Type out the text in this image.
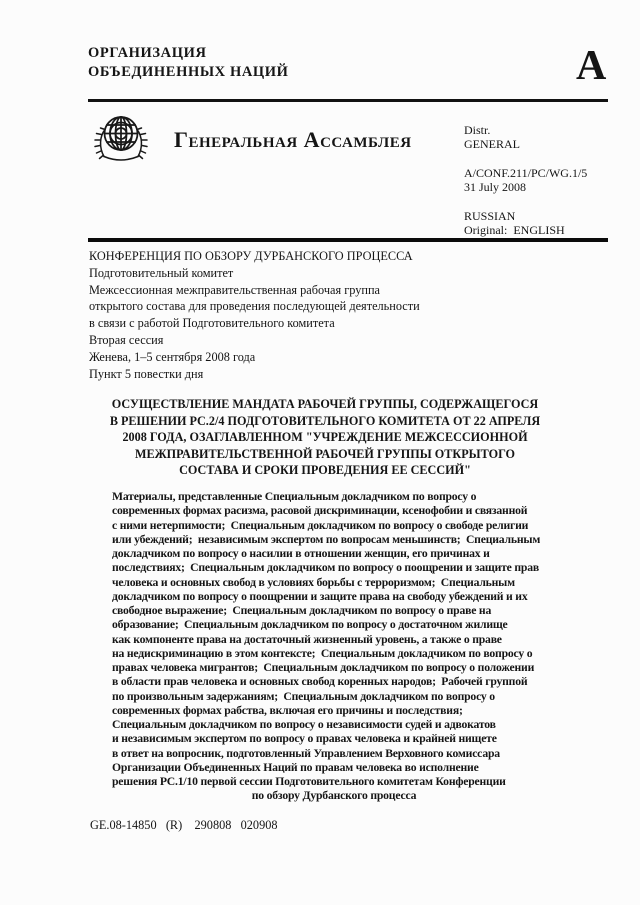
ОРГАНИЗАЦИЯ
ОБЪЕДИНЕННЫХ НАЦИЙ	A
Генеральная Ассамблея	Distr.
GENERAL
A/CONF.211/PC/WG.1/5
31 July 2008
RUSSIAN
Original:  ENGLISH
КОНФЕРЕНЦИЯ ПО ОБЗОРУ ДУРБАНСКОГО ПРОЦЕССА
Подготовительный комитет
Межсессионная межправительственная рабочая группа
открытого состава для проведения последующей деятельности
в связи с работой Подготовительного комитета
Вторая сессия
Женева, 1–5 сентября 2008 года
Пункт 5 повестки дня
ОСУЩЕСТВЛЕНИЕ МАНДАТА РАБОЧЕЙ ГРУППЫ, СОДЕРЖАЩЕГОСЯ
В РЕШЕНИИ PC.2/4 ПОДГОТОВИТЕЛЬНОГО КОМИТЕТА ОТ 22 АПРЕЛЯ
2008 ГОДА, ОЗАГЛАВЛЕННОМ "УЧРЕЖДЕНИЕ МЕЖСЕССИОННОЙ
МЕЖПРАВИТЕЛЬСТВЕННОЙ РАБОЧЕЙ ГРУППЫ ОТКРЫТОГО
СОСТАВА И СРОКИ ПРОВЕДЕНИЯ ЕЕ СЕССИЙ"
Материалы, представленные Специальным докладчиком по вопросу о
современных формах расизма, расовой дискриминации, ксенофобии и связанной
с ними нетерпимости;  Специальным докладчиком по вопросу о свободе религии
или убеждений;  независимым экспертом по вопросам меньшинств;  Специальным
докладчиком по вопросу о насилии в отношении женщин, его причинах и
последствиях;  Специальным докладчиком по вопросу о поощрении и защите прав
человека и основных свобод в условиях борьбы с терроризмом;  Специальным
докладчиком по вопросу о поощрении и защите права на свободу убеждений и их
свободное выражение;  Специальным докладчиком по вопросу о праве на
образование;  Специальным докладчиком по вопросу о достаточном жилище
как компоненте права на достаточный жизненный уровень, а также о праве
на недискриминацию в этом контексте;  Специальным докладчиком по вопросу о
правах человека мигрантов;  Специальным докладчиком по вопросу о положении
в области прав человека и основных свобод коренных народов;  Рабочей группой
по произвольным задержаниям;  Специальным докладчиком по вопросу о
современных формах рабства, включая его причины и последствия;
Специальным докладчиком по вопросу о независимости судей и адвокатов
и независимым экспертом по вопросу о правах человека и крайней нищете
в ответ на вопросник, подготовленный Управлением Верховного комиссара
Организации Объединенных Наций по правам человека во исполнение
решения PC.1/10 первой сессии Подготовительного комитетам Конференции
по обзору Дурбанского процесса
GE.08-14850   (R)    290808   020908
